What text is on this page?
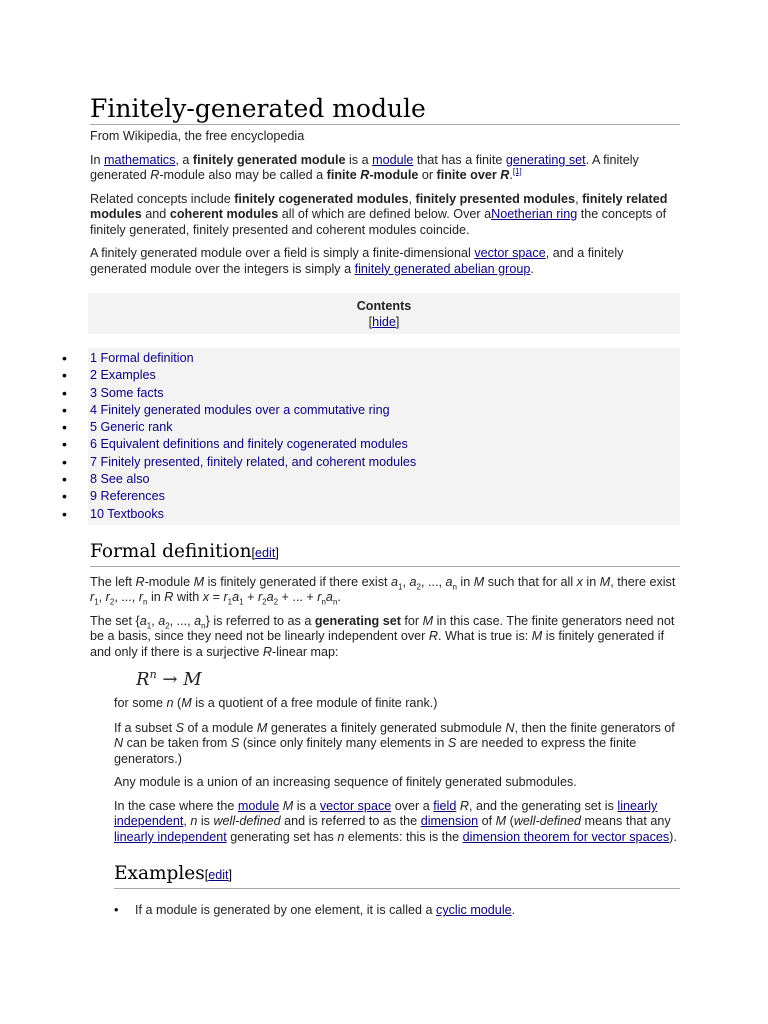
Finitely-generated module
From Wikipedia, the free encyclopedia

In mathematics, a finitely generated module is a module that has a finite generating set. A finitely generated R-module also may be called a finite R-module or finite over R.[1]

Related concepts include finitely cogenerated modules, finitely presented modules, finitely related modules and coherent modules all of which are defined below. Over aNoetherian ring the concepts of finitely generated, finitely presented and coherent modules coincide.

A finitely generated module over a field is simply a finite-dimensional vector space, and a finitely generated module over the integers is simply a finitely generated abelian group.

Contents
[hide]
• 1 Formal definition
• 2 Examples
• 3 Some facts
• 4 Finitely generated modules over a commutative ring
• 5 Generic rank
• 6 Equivalent definitions and finitely cogenerated modules
• 7 Finitely presented, finitely related, and coherent modules
• 8 See also
• 9 References
• 10 Textbooks
Formal definition[edit]

The left R-module M is finitely generated if there exist $a_1$, $a_2$, ..., $a_n$ in M such that for all x in M, there exist $r_1$, $r_2$, ..., $r_n$ in R with $x = r_1a_1 + r_2a_2$ + ... + $r_na_n$.

The set {$a_1$, $a_2$, ..., $a_n$} is referred to as a generating set for M in this case. The finite generators need not be a basis, since they need not be linearly independent over R. What is true is: M is finitely generated if and only if there is a surjective R-linear map:

$R^n \to M$

for some n (M is a quotient of a free module of finite rank.)

If a subset S of a module M generates a finitely generated submodule N, then the finite generators of N can be taken from S (since only finitely many elements in S are needed to express the finite generators.)

Any module is a union of an increasing sequence of finitely generated submodules.

In the case where the module M is a vector space over a field R, and the generating set is linearly independent, n is well-defined and is referred to as the dimension of M (well-defined means that any linearly independent generating set has n elements: this is the dimension theorem for vector spaces).

Examples[edit]
• If a module is generated by one element, it is called a cyclic module.
